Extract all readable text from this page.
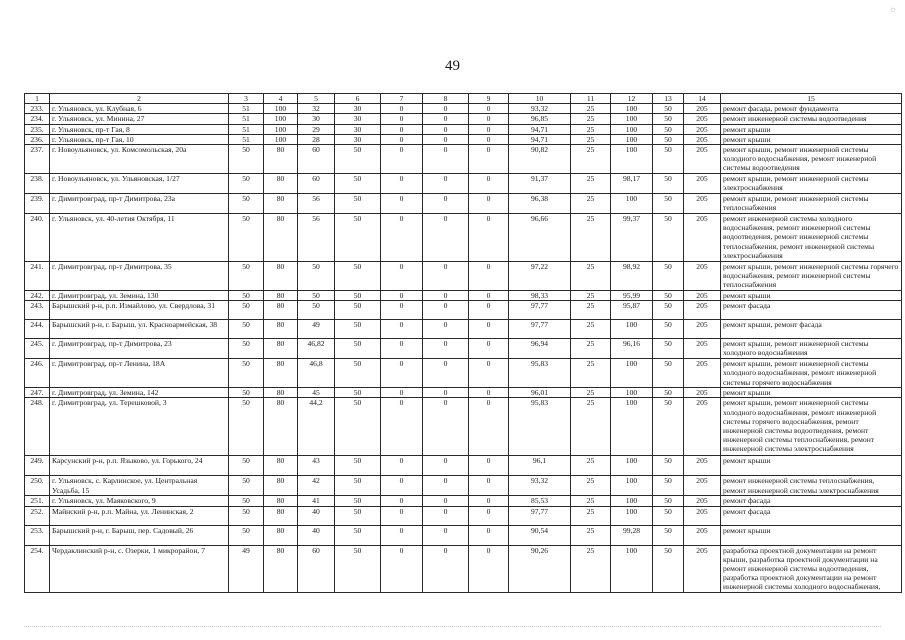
☼
49
1	2	3	4	5	6	7	8	9	10	11	12	13	14	15
233.	г. Ульяновск, ул. Клубная, 6	51	100	32	30	0	0	0	93,32	25	100	50	205	ремонт фасада, ремонт фундамента
234.	г. Ульяновск, ул. Минина, 27	51	100	30	30	0	0	0	96,85	25	100	50	205	ремонт инженерной системы водоотведения
235.	г. Ульяновск, пр-т Гая, 8	51	100	29	30	0	0	0	94,71	25	100	50	205	ремонт крыши
236.	г. Ульяновск, пр-т Гая, 10	51	100	28	30	0	0	0	94,71	25	100	50	205	ремонт крыши
237.	г. Новоульяновск, ул. Комсомольская, 20а	50	80	60	50	0	0	0	90,82	25	100	50	205	ремонт крыши, ремонт инженерной системы холодного водоснабжения, ремонт инженерной системы водоотведения
238.	г. Новоульяновск, ул. Ульяновская, 1/27	50	80	60	50	0	0	0	91,37	25	98,17	50	205	ремонт крыши, ремонт инженерной системы электроснабжения
239.	г. Димитровград, пр-т Димитрова, 23а	50	80	56	50	0	0	0	96,38	25	100	50	205	ремонт крыши, ремонт инженерной системы теплоснабжения
240.	г. Ульяновск, ул. 40-летия Октября, 11	50	80	56	50	0	0	0	96,66	25	99,37	50	205	ремонт инженерной системы холодного водоснабжения, ремонт инженерной системы водоотведения, ремонт инженерной системы теплоснабжения, ремонт инженерной системы электроснабжения
241.	г. Димитровград, пр-т Димитрова, 35	50	80	50	50	0	0	0	97,22	25	98,92	50	205	ремонт крыши, ремонт инженерной системы горячего водоснабжения, ремонт инженерной системы теплоснабжения
242.	г. Димитровград, ул. Земина, 130	50	80	50	50	0	0	0	98,33	25	95,99	50	205	ремонт крыши
243.	Барышский р-н, р.п. Измайлово, ул. Свердлова, 31	50	80	50	50	0	0	0	97,77	25	95,87	50	205	ремонт фасада
244.	Барышский р-н, г. Барыш, ул. Красноармейская, 38	50	80	49	50	0	0	0	97,77	25	100	50	205	ремонт крыши, ремонт фасада
245.	г. Димитровград, пр-т Димитрова, 23	50	80	46,82	50	0	0	0	96,94	25	96,16	50	205	ремонт крыши, ремонт инженерной системы холодного водоснабжения
246.	г. Димитровград, пр-т Ленина, 18А	50	80	46,8	50	0	0	0	95,83	25	100	50	205	ремонт крыши, ремонт инженерной системы холодного водоснабжения, ремонт инженерной системы горячего водоснабжения
247.	г. Димитровград, ул. Земина, 142	50	80	45	50	0	0	0	96,01	25	100	50	205	ремонт крыши
248.	г. Димитровград, ул. Терешковой, 3	50	80	44,2	50	0	0	0	95,83	25	100	50	205	ремонт крыши, ремонт инженерной системы холодного водоснабжения, ремонт инженерной системы горячего водоснабжения, ремонт инженерной системы водоотведения, ремонт инженерной системы теплоснабжения, ремонт инженерной системы электроснабжения
249.	Карсунский р-н, р.п. Языково, ул. Горького, 24	50	80	43	50	0	0	0	96,1	25	100	50	205	ремонт крыши
250.	г. Ульяновск, с. Карлинское, ул. Центральная Усадьба, 15	50	80	42	50	0	0	0	93,32	25	100	50	205	ремонт инженерной системы теплоснабжения, ремонт инженерной системы электроснабжения
251.	г. Ульяновск, ул. Маяковского, 9	50	80	41	50	0	0	0	85,53	25	100	50	205	ремонт фасада
252.	Майнский р-н, р.п. Майна, ул. Ленинская, 2	50	80	40	50	0	0	0	97,77	25	100	50	205	ремонт фасада
253.	Барышский р-н, г. Барыш, пер. Садовый, 26	50	80	40	50	0	0	0	90,54	25	99,28	50	205	ремонт крыши
254.	Чердаклинский р-н, с. Озерки, 1 микрорайон, 7	49	80	60	50	0	0	0	90,26	25	100	50	205	разработка проектной документации на ремонт крыши, разработка проектной документации на ремонт инженерной системы водоотведения, разработка проектной документации на ремонт инженерной системы холодного водоснабжения,
